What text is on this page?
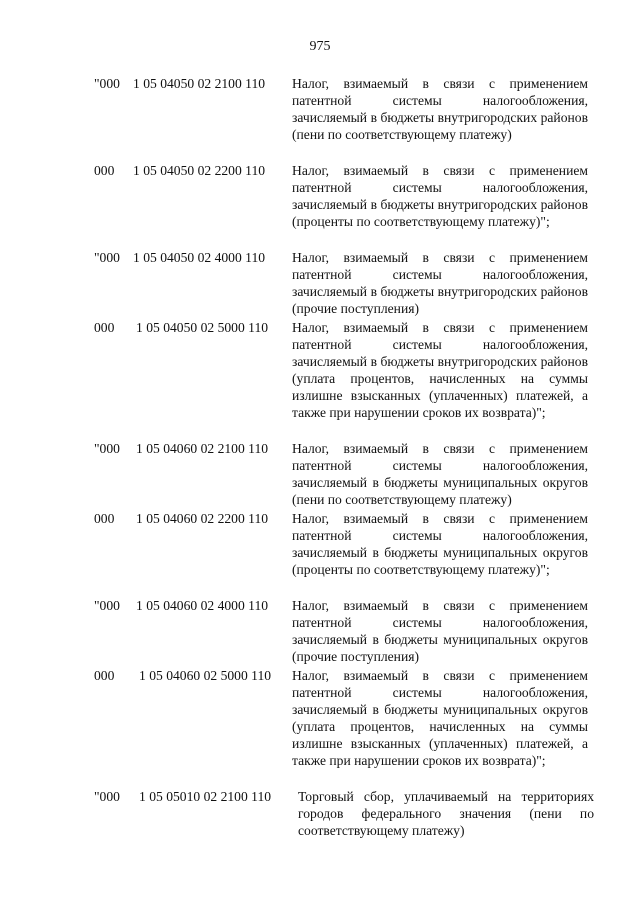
975
"000 1 05 04050 02 2100 110 Налог, взимаемый в связи с применением патентной системы налогообложения, зачисляемый в бюджеты внутригородских районов (пени по соответствующему платежу)
000 1 05 04050 02 2200 110 Налог, взимаемый в связи с применением патентной системы налогообложения, зачисляемый в бюджеты внутригородских районов (проценты по соответствующему платежу)";
"000 1 05 04050 02 4000 110 Налог, взимаемый в связи с применением патентной системы налогообложения, зачисляемый в бюджеты внутригородских районов (прочие поступления)
000 1 05 04050 02 5000 110 Налог, взимаемый в связи с применением патентной системы налогообложения, зачисляемый в бюджеты внутригородских районов (уплата процентов, начисленных на суммы излишне взысканных (уплаченных) платежей, а также при нарушении сроков их возврата)";
"000 1 05 04060 02 2100 110 Налог, взимаемый в связи с применением патентной системы налогообложения, зачисляемый в бюджеты муниципальных округов (пени по соответствующему платежу)
000 1 05 04060 02 2200 110 Налог, взимаемый в связи с применением патентной системы налогообложения, зачисляемый в бюджеты муниципальных округов (проценты по соответствующему платежу)";
"000 1 05 04060 02 4000 110 Налог, взимаемый в связи с применением патентной системы налогообложения, зачисляемый в бюджеты муниципальных округов (прочие поступления)
000 1 05 04060 02 5000 110 Налог, взимаемый в связи с применением патентной системы налогообложения, зачисляемый в бюджеты муниципальных округов (уплата процентов, начисленных на суммы излишне взысканных (уплаченных) платежей, а также при нарушении сроков их возврата)";
"000 1 05 05010 02 2100 110 Торговый сбор, уплачиваемый на территориях городов федерального значения (пени по соответствующему платежу)
